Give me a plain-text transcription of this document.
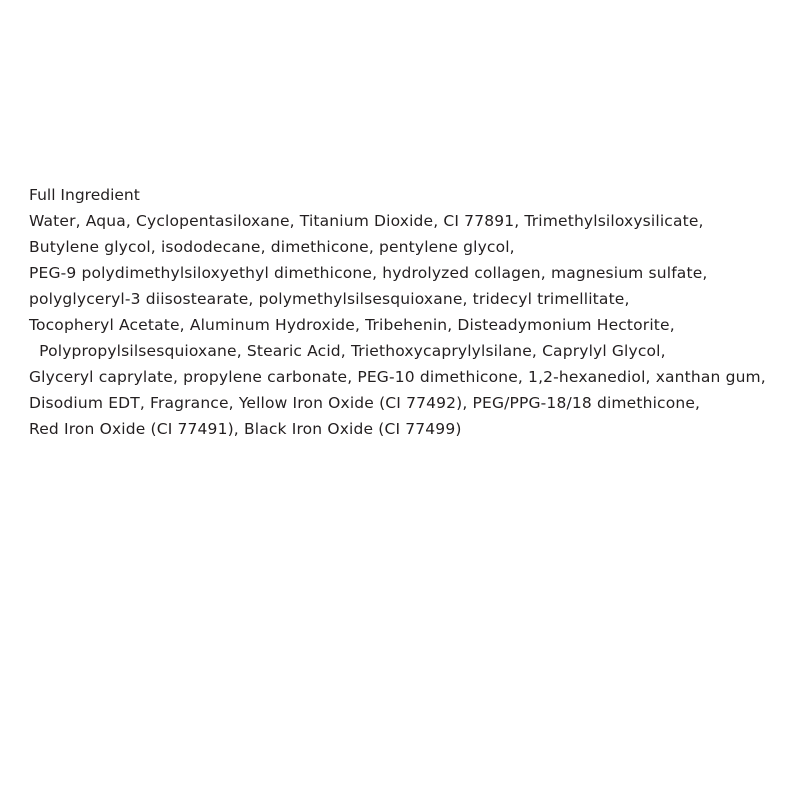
Full Ingredient
Water, Aqua, Cyclopentasiloxane, Titanium Dioxide, CI 77891, Trimethylsiloxysilicate,
Butylene glycol, isododecane, dimethicone, pentylene glycol,
PEG-9 polydimethylsiloxyethyl dimethicone, hydrolyzed collagen, magnesium sulfate,
polyglyceryl-3 diisostearate, polymethylsilsesquioxane, tridecyl trimellitate,
Tocopheryl Acetate, Aluminum Hydroxide, Tribehenin, Disteadymonium Hectorite,
Polypropylsilsesquioxane, Stearic Acid, Triethoxycaprylylsilane, Caprylyl Glycol,
Glyceryl caprylate, propylene carbonate, PEG-10 dimethicone, 1,2-hexanediol, xanthan gum,
Disodium EDT, Fragrance, Yellow Iron Oxide (CI 77492), PEG/PPG-18/18 dimethicone,
Red Iron Oxide (CI 77491), Black Iron Oxide (CI 77499)
